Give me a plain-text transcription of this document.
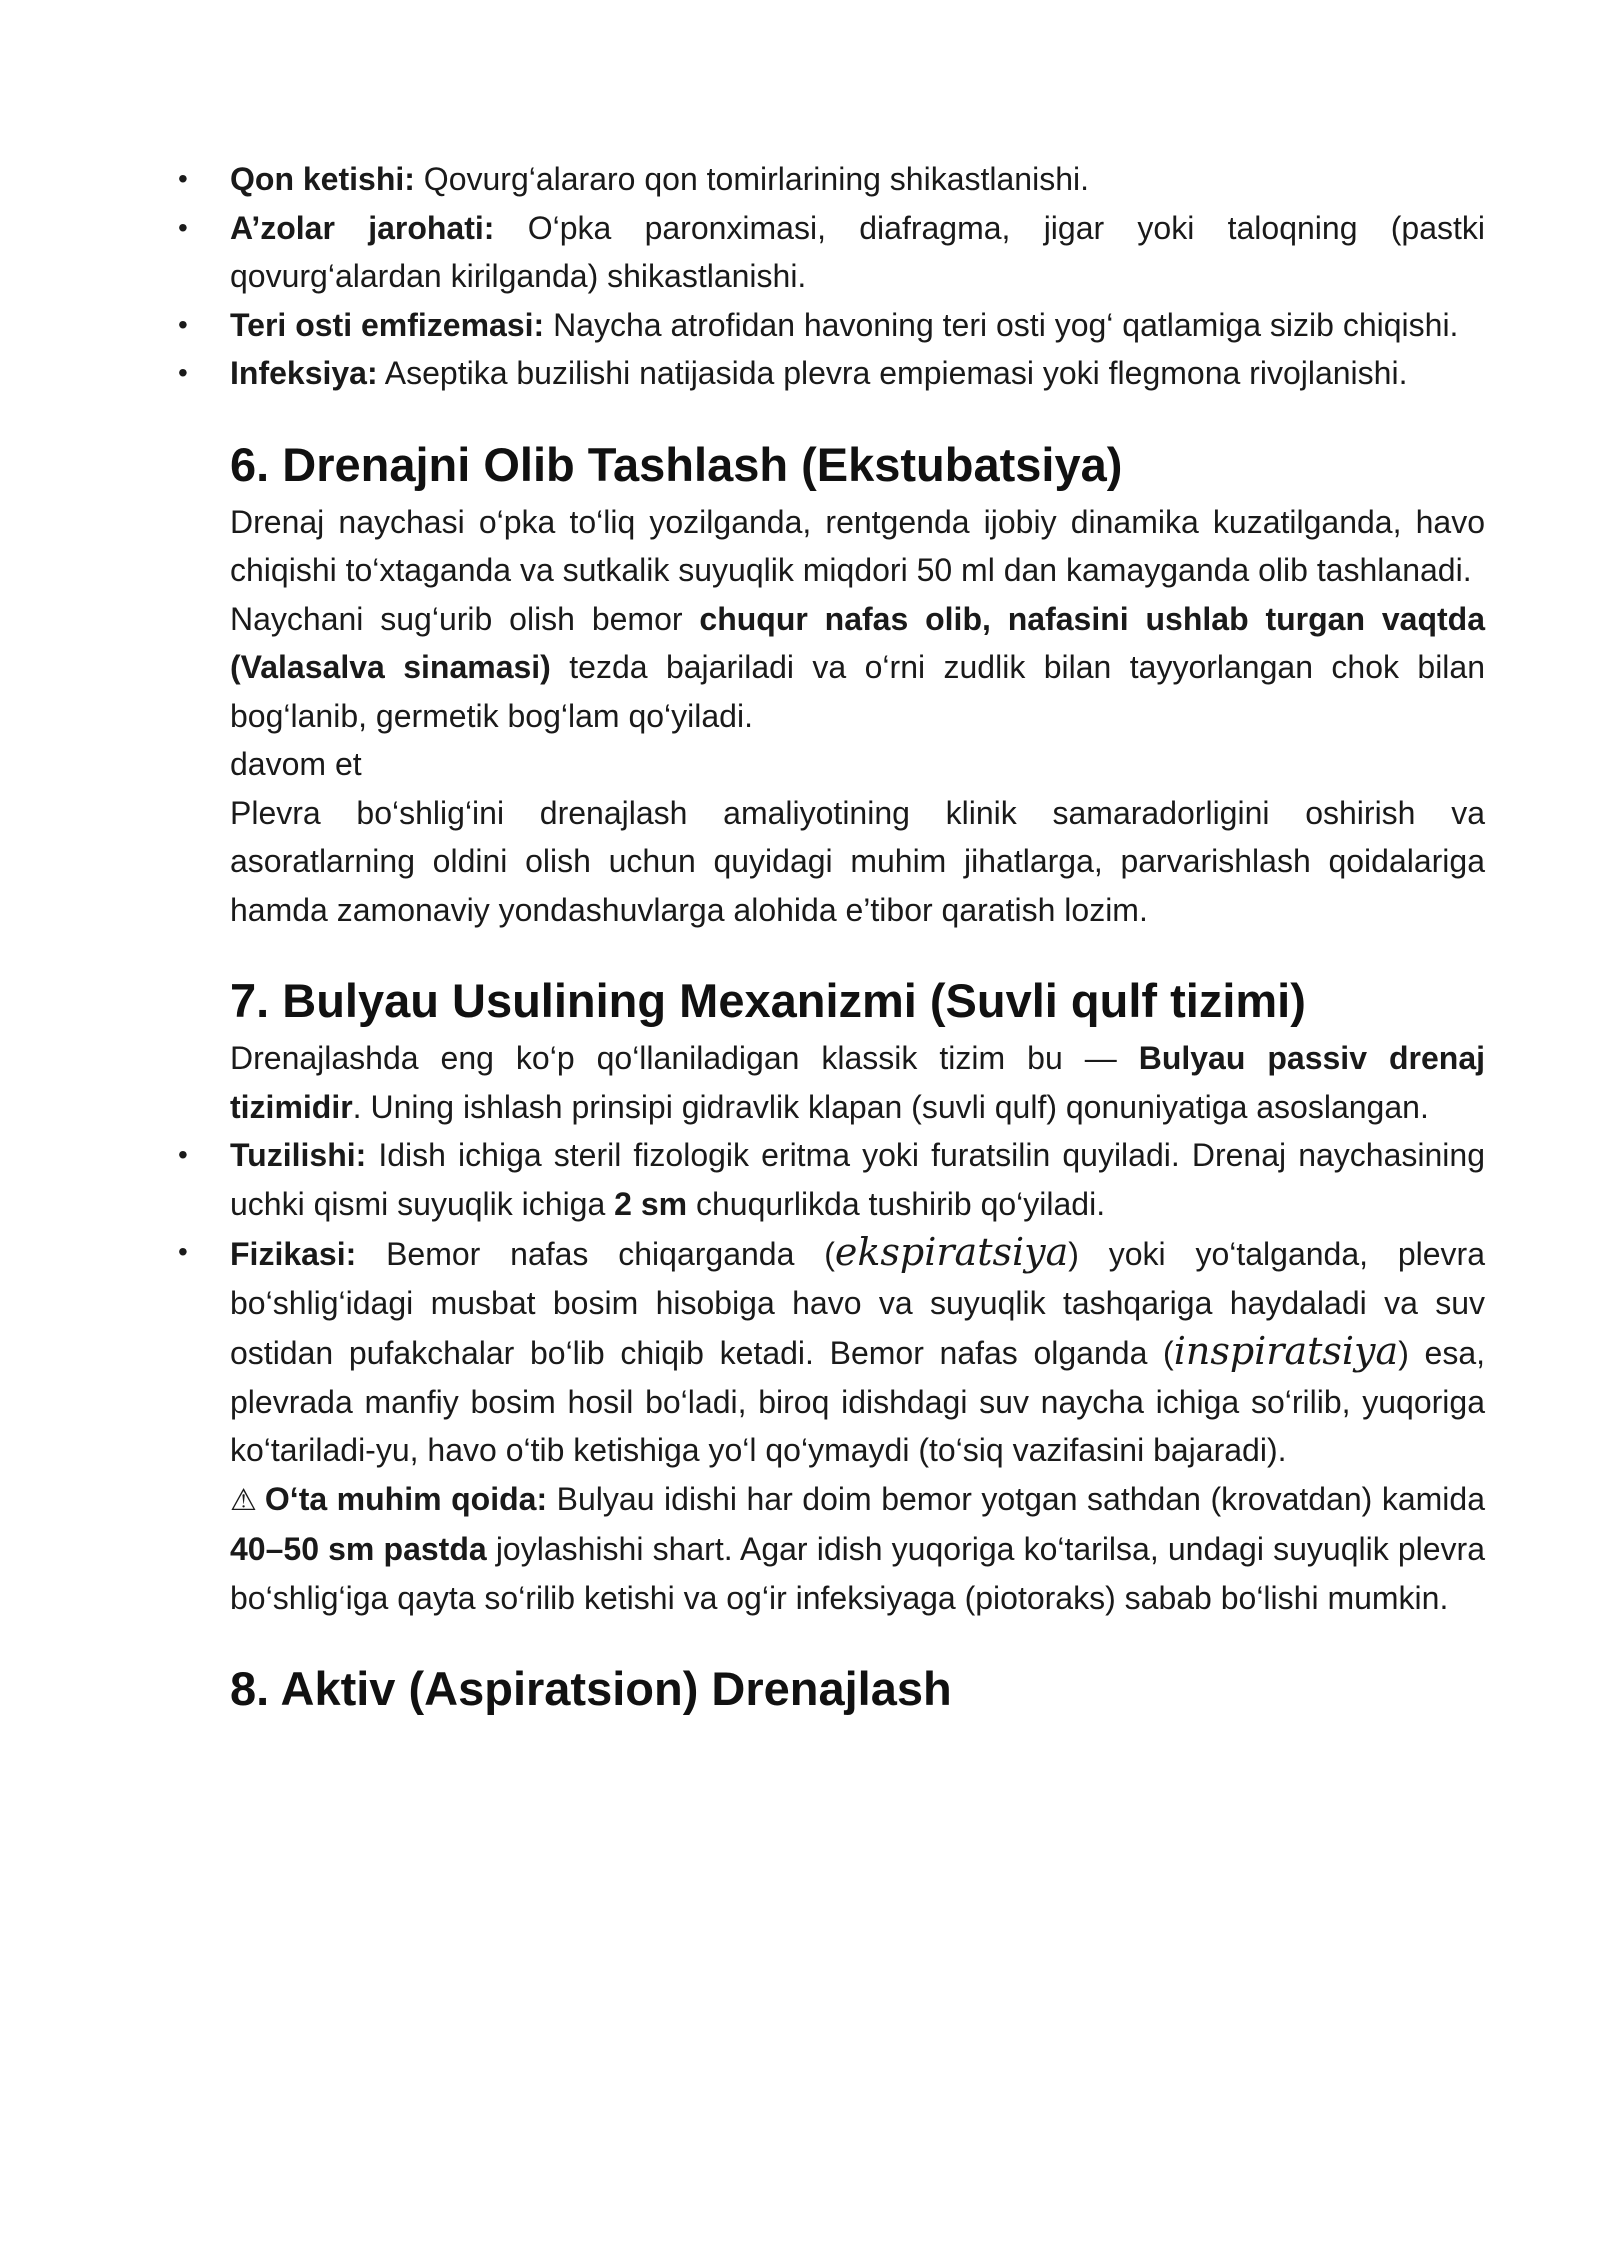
• Qon ketishi: Qovurg‘alararo qon tomirlarining shikastlanishi.
• A’zolar jarohati: O‘pka paronximasi, diafragma, jigar yoki taloqning (pastki qovurg‘alardan kirilganda) shikastlanishi.
• Teri osti emfizemasi: Naycha atrofidan havoning teri osti yog‘ qatlamiga sizib chiqishi.
• Infeksiya: Aseptika buzilishi natijasida plevra empiemasi yoki flegmona rivojlanishi.
6. Drenajni Olib Tashlash (Ekstubatsiya)

Drenaj naychasi o‘pka to‘liq yozilganda, rentgenda ijobiy dinamika kuzatilganda, havo chiqishi to‘xtaganda va sutkalik suyuqlik miqdori 50 ml dan kamayganda olib tashlanadi.

Naychani sug‘urib olish bemor chuqur nafas olib, nafasini ushlab turgan vaqtda (Valasalva sinamasi) tezda bajariladi va o‘rni zudlik bilan tayyorlangan chok bilan bog‘lanib, germetik bog‘lam qo‘yiladi.

davom et

Plevra bo‘shlig‘ini drenajlash amaliyotining klinik samaradorligini oshirish va asoratlarning oldini olish uchun quyidagi muhim jihatlarga, parvarishlash qoidalariga hamda zamonaviy yondashuvlarga alohida e’tibor qaratish lozim.

7. Bulyau Usulining Mexanizmi (Suvli qulf tizimi)

Drenajlashda eng ko‘p qo‘llaniladigan klassik tizim bu — Bulyau passiv drenaj tizimidir. Uning ishlash prinsipi gidravlik klapan (suvli qulf) qonuniyatiga asoslangan.

• Tuzilishi: Idish ichiga steril fizologik eritma yoki furatsilin quyiladi. Drenaj naychasining uchki qismi suyuqlik ichiga 2 sm chuqurlikda tushirib qo‘yiladi.
• Fizikasi: Bemor nafas chiqarganda (ekspiratsiya) yoki yo‘talganda, plevra bo‘shlig‘idagi musbat bosim hisobiga havo va suyuqlik tashqariga haydaladi va suv ostidan pufakchalar bo‘lib chiqib ketadi. Bemor nafas olganda (inspiratsiya) esa, plevrada manfiy bosim hosil bo‘ladi, biroq idishdagi suv naycha ichiga so‘rilib, yuqoriga ko‘tariladi-yu, havo o‘tib ketishiga yo‘l qo‘ymaydi (to‘siq vazifasini bajaradi).

⚠ O‘ta muhim qoida: Bulyau idishi har doim bemor yotgan sathdan (krovatdan) kamida 40–50 sm pastda joylashishi shart. Agar idish yuqoriga ko‘tarilsa, undagi suyuqlik plevra bo‘shlig‘iga qayta so‘rilib ketishi va og‘ir infeksiyaga (piotoraks) sabab bo‘lishi mumkin.

8. Aktiv (Aspiratsion) Drenajlash
